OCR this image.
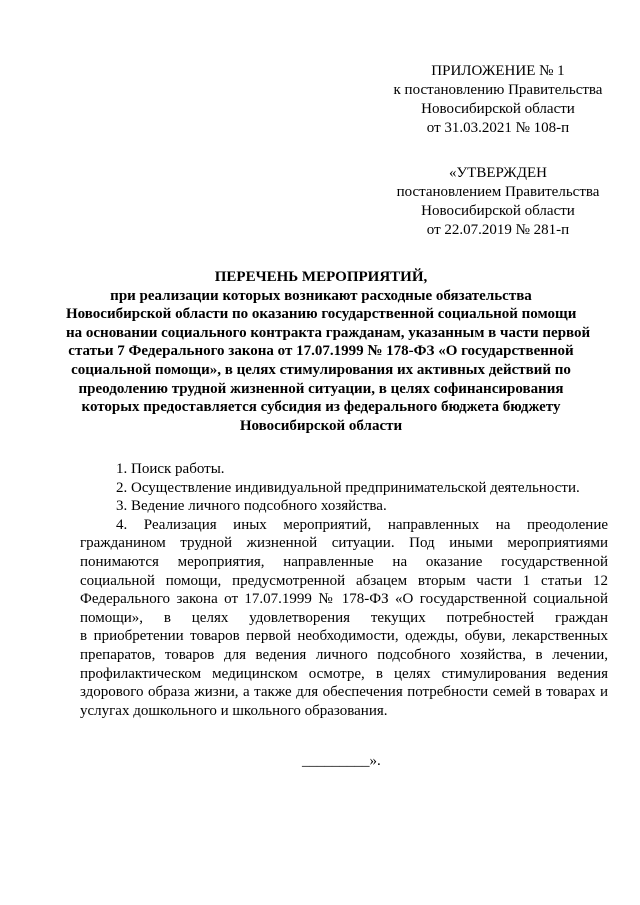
ПРИЛОЖЕНИЕ № 1
к постановлению Правительства
Новосибирской области
от 31.03.2021 № 108-п
«УТВЕРЖДЕН
постановлением Правительства
Новосибирской области
от 22.07.2019 № 281-п
ПЕРЕЧЕНЬ МЕРОПРИЯТИЙ,
при реализации которых возникают расходные обязательства
Новосибирской области по оказанию государственной социальной помощи
на основании социального контракта гражданам, указанным в части первой
статьи 7 Федерального закона от 17.07.1999 № 178-ФЗ «О государственной
социальной помощи», в целях стимулирования их активных действий по
преодолению трудной жизненной ситуации, в целях софинансирования
которых предоставляется субсидия из федерального бюджета бюджету
Новосибирской области
1. Поиск работы.
2. Осуществление индивидуальной предпринимательской деятельности.
3. Ведение личного подсобного хозяйства.
4. Реализация иных мероприятий, направленных на преодоление
гражданином трудной жизненной ситуации. Под иными мероприятиями
понимаются мероприятия, направленные на оказание государственной
социальной помощи, предусмотренной абзацем вторым части 1 статьи 12
Федерального закона от 17.07.1999 № 178-ФЗ «О государственной социальной
помощи», в целях удовлетворения текущих потребностей граждан
в приобретении товаров первой необходимости, одежды, обуви, лекарственных
препаратов, товаров для ведения личного подсобного хозяйства, в лечении,
профилактическом медицинском осмотре, в целях стимулирования ведения
здорового образа жизни, а также для обеспечения потребности семей в товарах и
услугах дошкольного и школьного образования.
_________».
